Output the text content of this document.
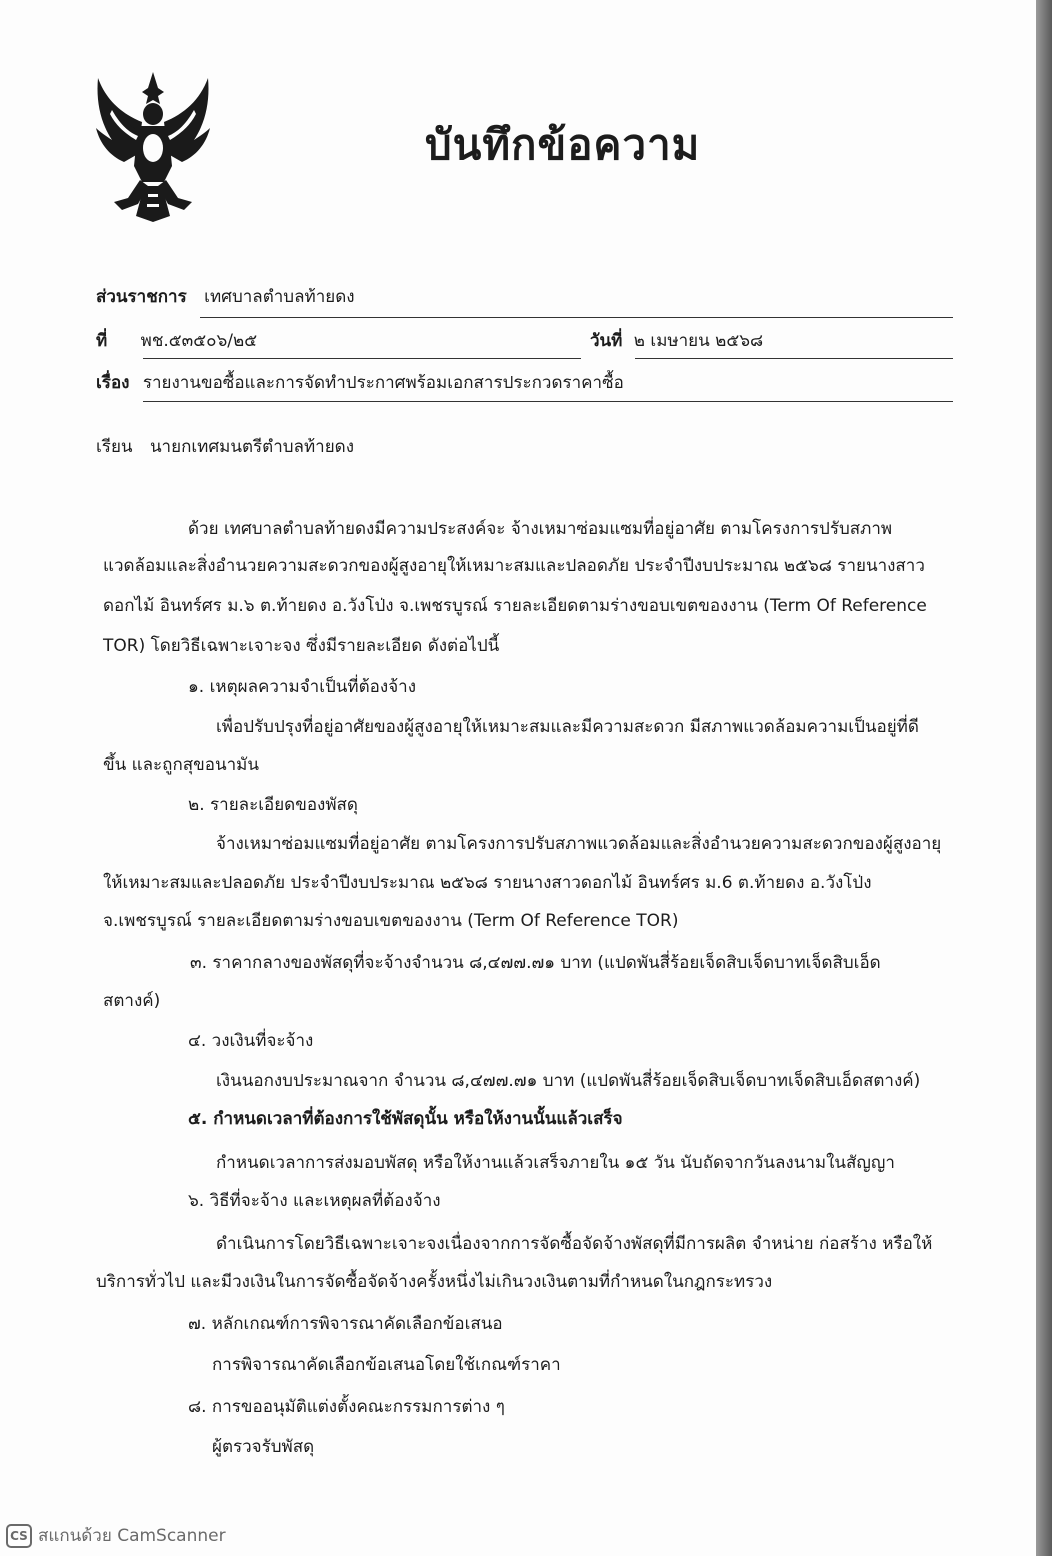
บันทึกข้อความ
ส่วนราชการ เทศบาลตำบลท้ายดง
ที่ พช.๕๓๕๐๖/๒๕	วันที่ ๒ เมษายน ๒๕๖๘
เรื่อง รายงานขอซื้อและการจัดทำประกาศพร้อมเอกสารประกวดราคาซื้อ
เรียน นายกเทศมนตรีตำบลท้ายดง
ด้วย เทศบาลตำบลท้ายดงมีความประสงค์จะ จ้างเหมาซ่อมแซมที่อยู่อาศัย ตามโครงการปรับสภาพ
แวดล้อมและสิ่งอำนวยความสะดวกของผู้สูงอายุให้เหมาะสมและปลอดภัย ประจำปีงบประมาณ ๒๕๖๘ รายนางสาว
ดอกไม้ อินทร์ศร ม.๖ ต.ท้ายดง อ.วังโป่ง จ.เพชรบูรณ์ รายละเอียดตามร่างขอบเขตของงาน (Term Of Reference
TOR) โดยวิธีเฉพาะเจาะจง ซึ่งมีรายละเอียด ดังต่อไปนี้
๑. เหตุผลความจำเป็นที่ต้องจ้าง
เพื่อปรับปรุงที่อยู่อาศัยของผู้สูงอายุให้เหมาะสมและมีความสะดวก มีสภาพแวดล้อมความเป็นอยู่ที่ดี
ขึ้น และถูกสุขอนามัน
๒. รายละเอียดของพัสดุ
จ้างเหมาซ่อมแซมที่อยู่อาศัย ตามโครงการปรับสภาพแวดล้อมและสิ่งอำนวยความสะดวกของผู้สูงอายุ
ให้เหมาะสมและปลอดภัย ประจำปีงบประมาณ ๒๕๖๘ รายนางสาวดอกไม้ อินทร์ศร ม.6 ต.ท้ายดง อ.วังโป่ง
จ.เพชรบูรณ์ รายละเอียดตามร่างขอบเขตของงาน (Term Of Reference TOR)
๓. ราคากลางของพัสดุที่จะจ้างจำนวน ๘,๔๗๗.๗๑ บาท (แปดพันสี่ร้อยเจ็ดสิบเจ็ดบาทเจ็ดสิบเอ็ด
สตางค์)
๔. วงเงินที่จะจ้าง
เงินนอกงบประมาณจาก จำนวน ๘,๔๗๗.๗๑ บาท (แปดพันสี่ร้อยเจ็ดสิบเจ็ดบาทเจ็ดสิบเอ็ดสตางค์)
๕. กำหนดเวลาที่ต้องการใช้พัสดุนั้น หรือให้งานนั้นแล้วเสร็จ
กำหนดเวลาการส่งมอบพัสดุ หรือให้งานแล้วเสร็จภายใน ๑๕ วัน นับถัดจากวันลงนามในสัญญา
๖. วิธีที่จะจ้าง และเหตุผลที่ต้องจ้าง
ดำเนินการโดยวิธีเฉพาะเจาะจงเนื่องจากการจัดซื้อจัดจ้างพัสดุที่มีการผลิต จำหน่าย ก่อสร้าง หรือให้
บริการทั่วไป และมีวงเงินในการจัดซื้อจัดจ้างครั้งหนึ่งไม่เกินวงเงินตามที่กำหนดในกฎกระทรวง
๗. หลักเกณฑ์การพิจารณาคัดเลือกข้อเสนอ
การพิจารณาคัดเลือกข้อเสนอโดยใช้เกณฑ์ราคา
๘. การขออนุมัติแต่งตั้งคณะกรรมการต่าง ๆ
ผู้ตรวจรับพัสดุ
CS สแกนด้วย CamScanner
